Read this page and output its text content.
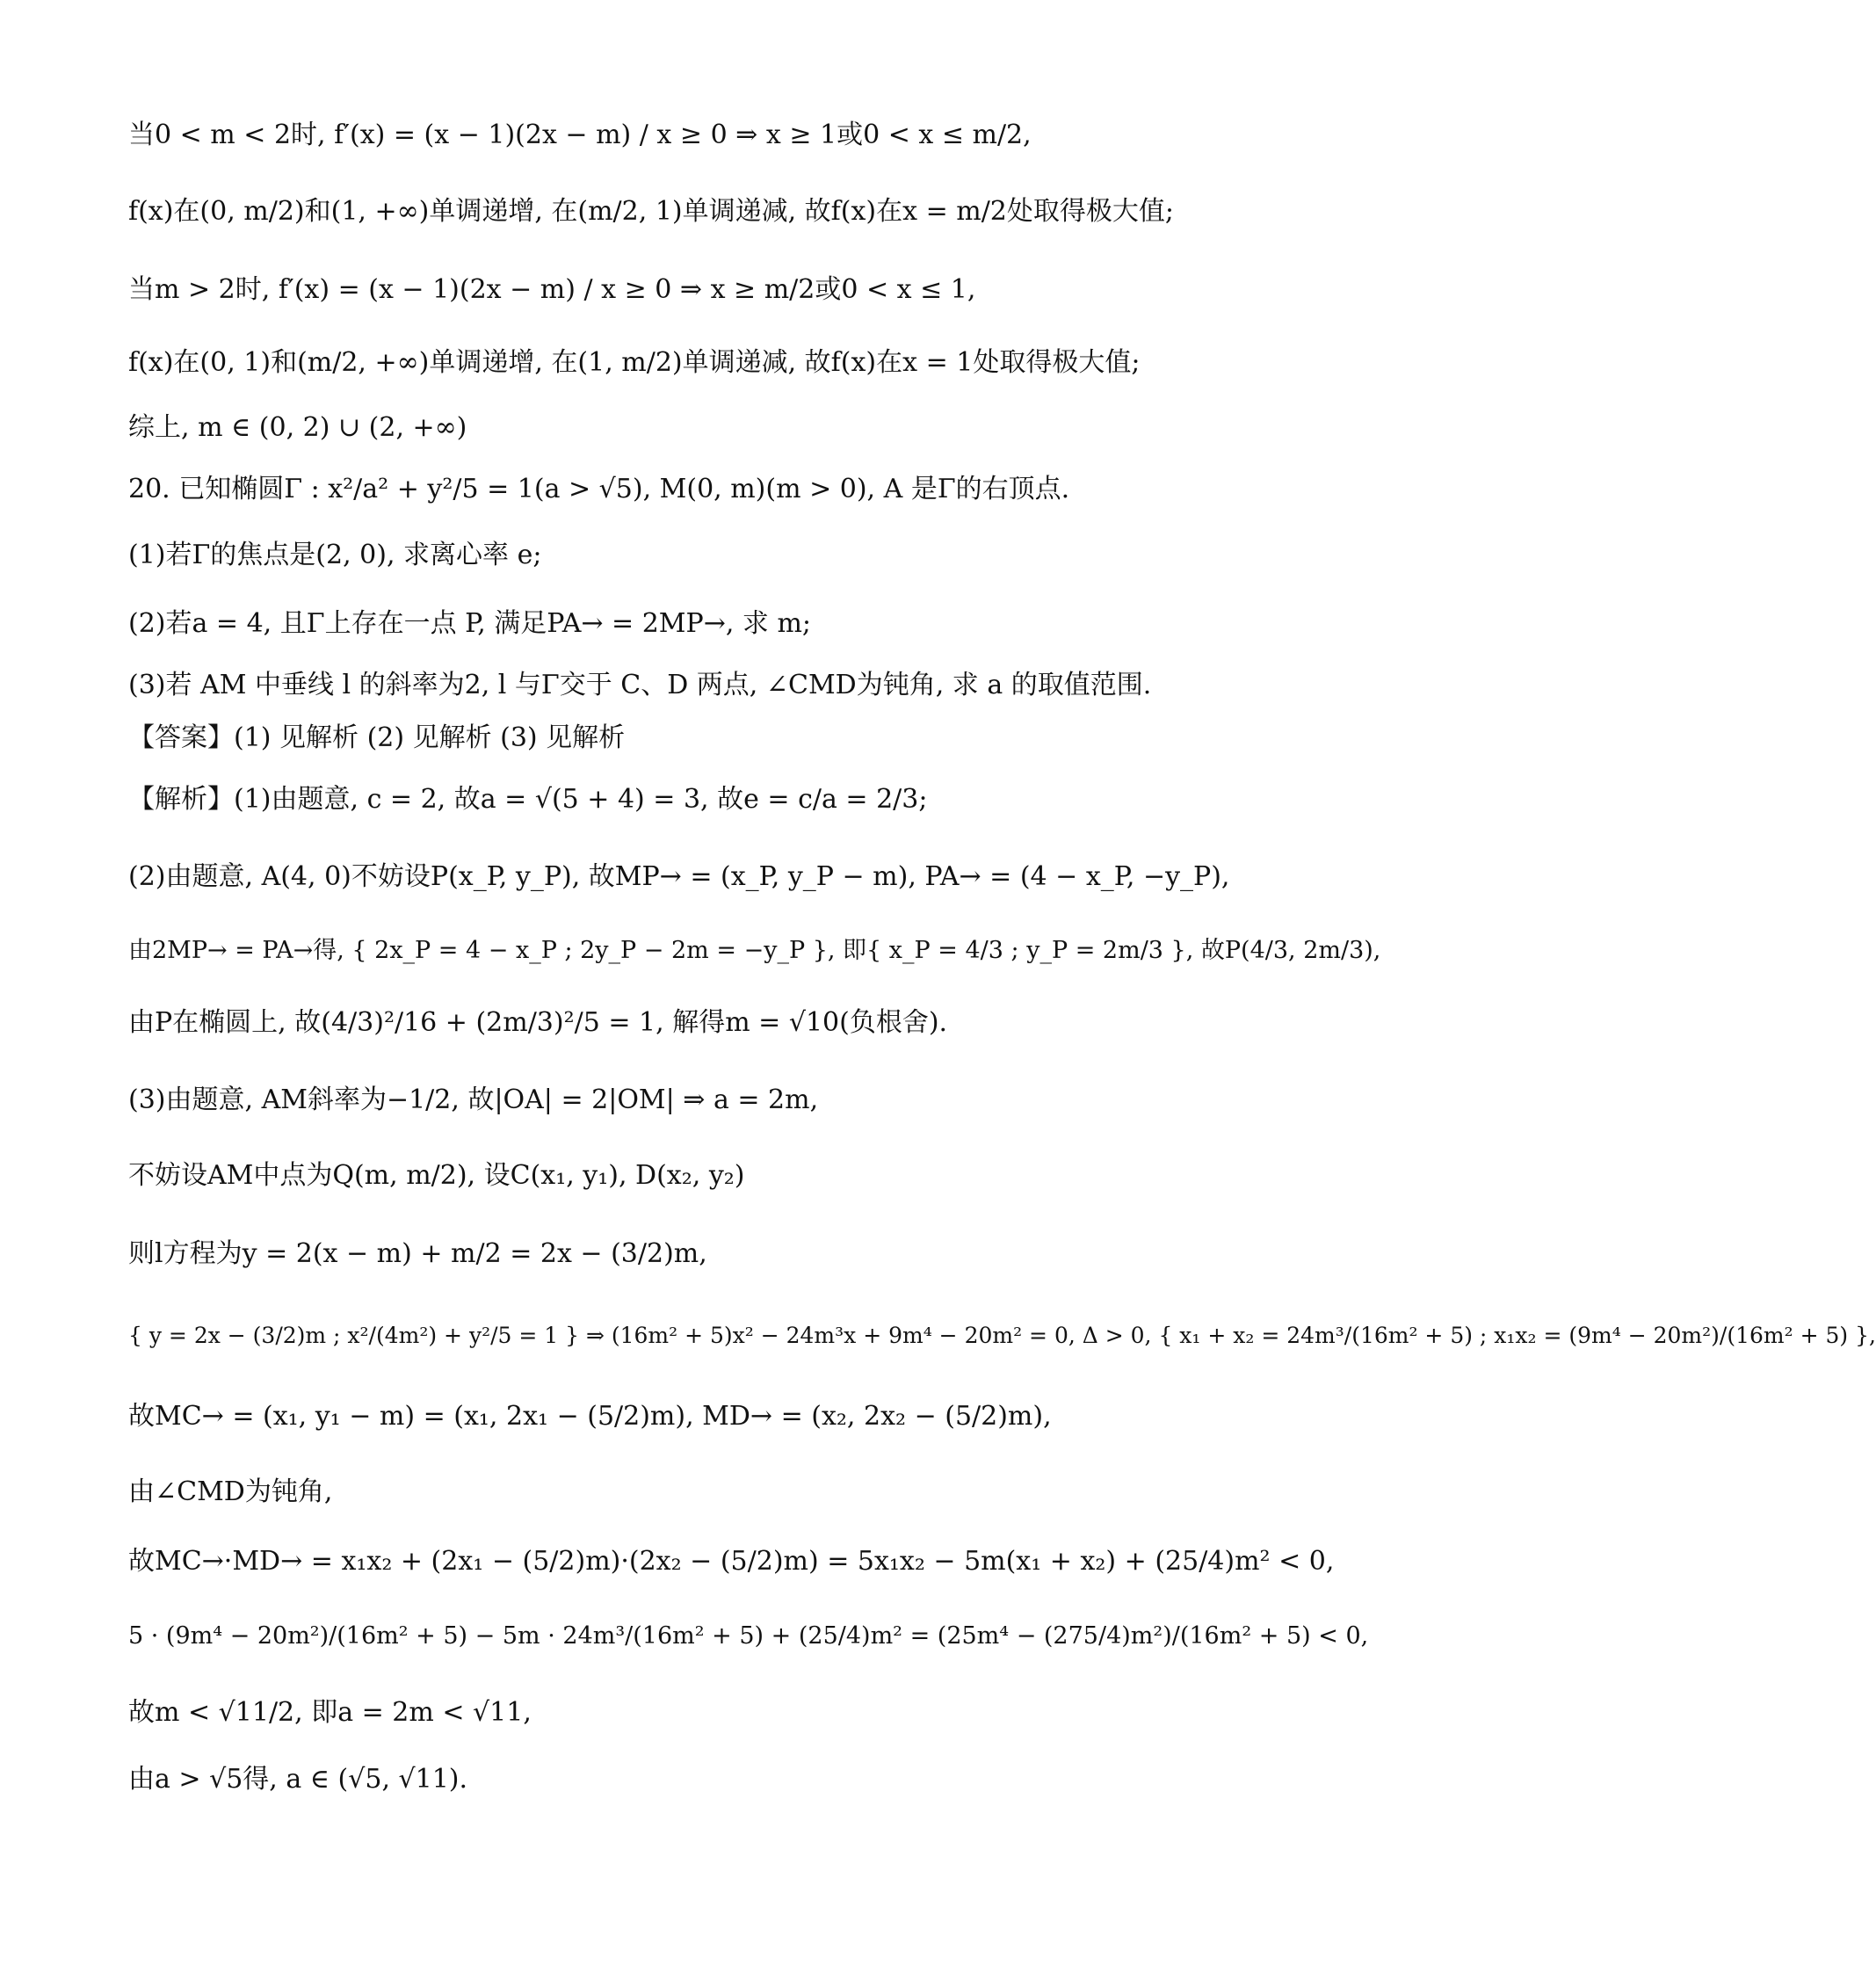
当0 < m < 2时, f′(x) = (x − 1)(2x − m) / x ≥ 0 ⇒ x ≥ 1或0 < x ≤ m/2,
f(x)在(0, m/2)和(1, +∞)单调递增, 在(m/2, 1)单调递减, 故f(x)在x = m/2处取得极大值;
当m > 2时, f′(x) = (x − 1)(2x − m) / x ≥ 0 ⇒ x ≥ m/2或0 < x ≤ 1,
f(x)在(0, 1)和(m/2, +∞)单调递增, 在(1, m/2)单调递减, 故f(x)在x = 1处取得极大值;
综上, m ∈ (0, 2) ∪ (2, +∞)
20. 已知椭圆Γ : x²/a² + y²/5 = 1(a > √5), M(0, m)(m > 0), A 是Γ的右顶点.
(1)若Γ的焦点是(2, 0), 求离心率 e;
(2)若a = 4, 且Γ上存在一点 P, 满足PA→ = 2MP→, 求 m;
(3)若 AM 中垂线 l 的斜率为2, l 与Γ交于 C、D 两点, ∠CMD为钝角, 求 a 的取值范围.
【答案】(1) 见解析 (2) 见解析 (3) 见解析
【解析】(1)由题意, c = 2, 故a = √(5 + 4) = 3, 故e = c/a = 2/3;
(2)由题意, A(4, 0)不妨设P(x_P, y_P), 故MP→ = (x_P, y_P − m), PA→ = (4 − x_P, −y_P),
由2MP→ = PA→得, { 2x_P = 4 − x_P ; 2y_P − 2m = −y_P }, 即{ x_P = 4/3 ; y_P = 2m/3 }, 故P(4/3, 2m/3),
由P在椭圆上, 故(4/3)²/16 + (2m/3)²/5 = 1, 解得m = √10(负根舍).
(3)由题意, AM斜率为−1/2, 故|OA| = 2|OM| ⇒ a = 2m,
不妨设AM中点为Q(m, m/2), 设C(x₁, y₁), D(x₂, y₂)
则l方程为y = 2(x − m) + m/2 = 2x − (3/2)m,
{ y = 2x − (3/2)m ; x²/(4m²) + y²/5 = 1 } ⇒ (16m² + 5)x² − 24m³x + 9m⁴ − 20m² = 0, Δ > 0, { x₁ + x₂ = 24m³/(16m² + 5) ; x₁x₂ = (9m⁴ − 20m²)/(16m² + 5) },
故MC→ = (x₁, y₁ − m) = (x₁, 2x₁ − (5/2)m), MD→ = (x₂, 2x₂ − (5/2)m),
由∠CMD为钝角,
故MC→·MD→ = x₁x₂ + (2x₁ − (5/2)m)·(2x₂ − (5/2)m) = 5x₁x₂ − 5m(x₁ + x₂) + (25/4)m² < 0,
5 · (9m⁴ − 20m²)/(16m² + 5) − 5m · 24m³/(16m² + 5) + (25/4)m² = (25m⁴ − (275/4)m²)/(16m² + 5) < 0,
故m < √11/2, 即a = 2m < √11,
由a > √5得, a ∈ (√5, √11).
